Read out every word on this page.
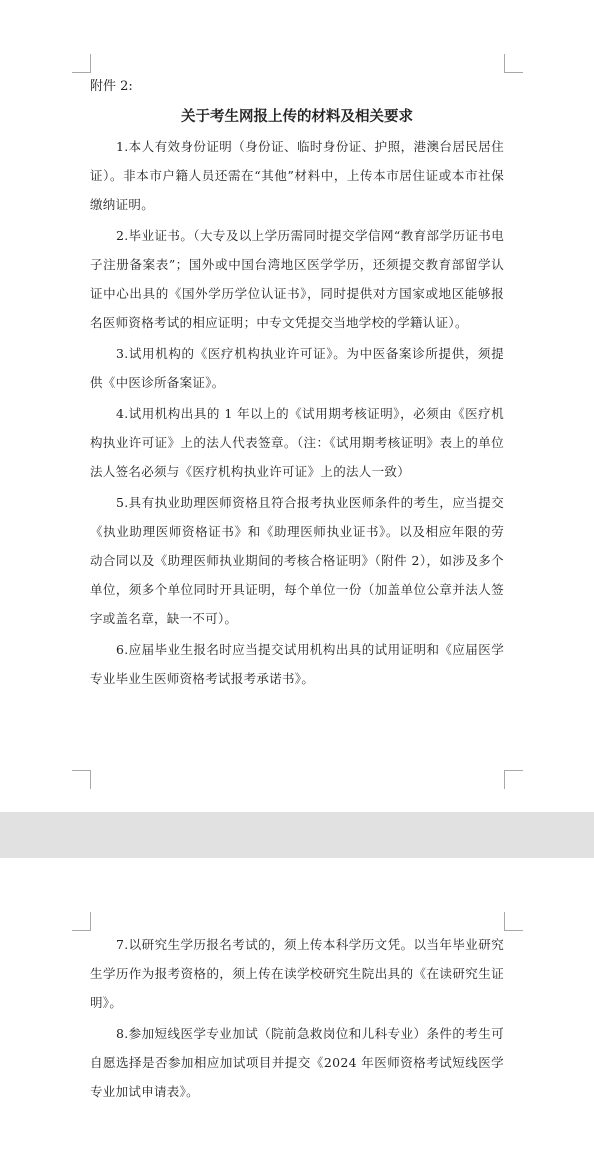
附件 2:

关于考生网报上传的材料及相关要求

1.本人有效身份证明（身份证、临时身份证、护照，港澳台居民居住证）。非本市户籍人员还需在“其他”材料中，上传本市居住证或本市社保缴纳证明。

2.毕业证书。（大专及以上学历需同时提交学信网“教育部学历证书电子注册备案表”；国外或中国台湾地区医学学历，还须提交教育部留学认证中心出具的《国外学历学位认证书》，同时提供对方国家或地区能够报名医师资格考试的相应证明；中专文凭提交当地学校的学籍认证）。

3.试用机构的《医疗机构执业许可证》。为中医备案诊所提供，须提供《中医诊所备案证》。

4.试用机构出具的 1 年以上的《试用期考核证明》，必须由《医疗机构执业许可证》上的法人代表签章。（注：《试用期考核证明》表上的单位法人签名必须与《医疗机构执业许可证》上的法人一致）

5.具有执业助理医师资格且符合报考执业医师条件的考生，应当提交《执业助理医师资格证书》和《助理医师执业证书》。以及相应年限的劳动合同以及《助理医师执业期间的考核合格证明》（附件 2），如涉及多个单位，须多个单位同时开具证明，每个单位一份（加盖单位公章并法人签字或盖名章，缺一不可）。

6.应届毕业生报名时应当提交试用机构出具的试用证明和《应届医学专业毕业生医师资格考试报考承诺书》。

7.以研究生学历报名考试的，须上传本科学历文凭。以当年毕业研究生学历作为报考资格的，须上传在读学校研究生院出具的《在读研究生证明》。

8.参加短线医学专业加试（院前急救岗位和儿科专业）条件的考生可自愿选择是否参加相应加试项目并提交《2024 年医师资格考试短线医学专业加试申请表》。
